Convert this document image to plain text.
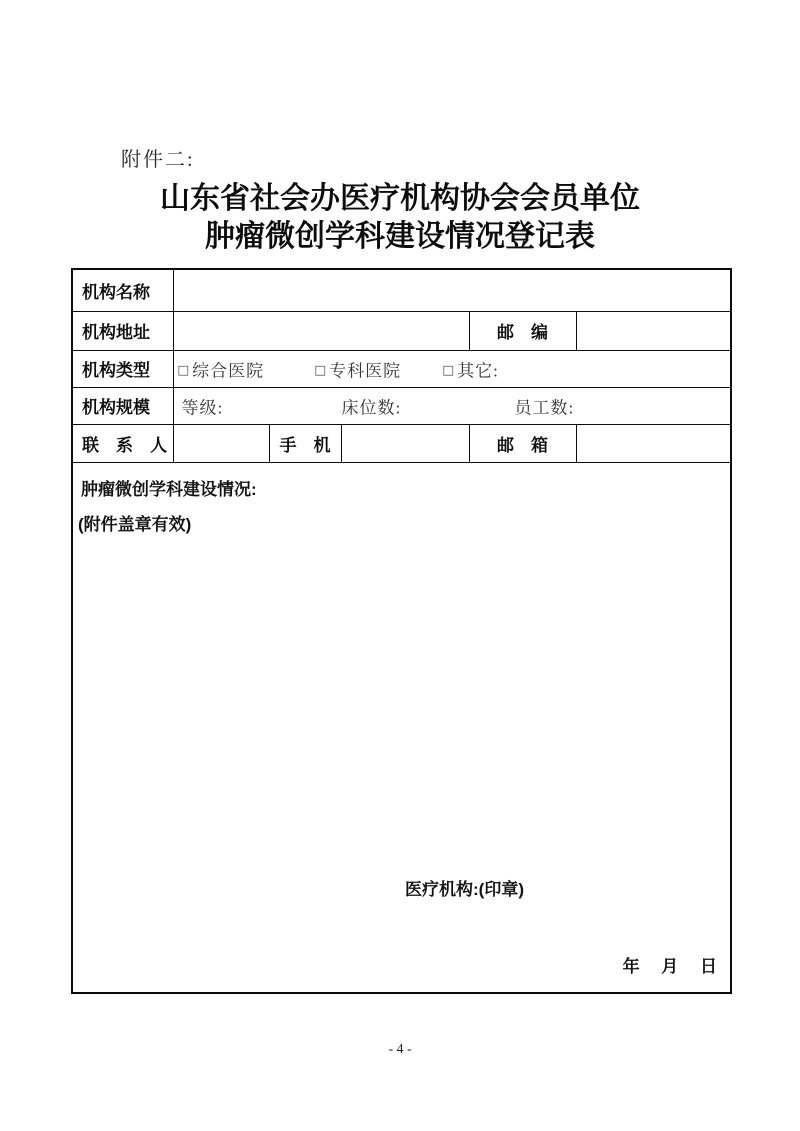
附件二:
山东省社会办医疗机构协会会员单位
肿瘤微创学科建设情况登记表
机构名称					
机构地址				邮　编	
机构类型	□ 综合医院 □ 专科医院 □ 其它:				

机构规模	等级: 床位数: 员工数:				

联　系　人		手　机		邮　箱	

肿瘤微创学科建设情况:
(附件盖章有效)
医疗机构:(印章)
年　 月　 日					
- 4 -
